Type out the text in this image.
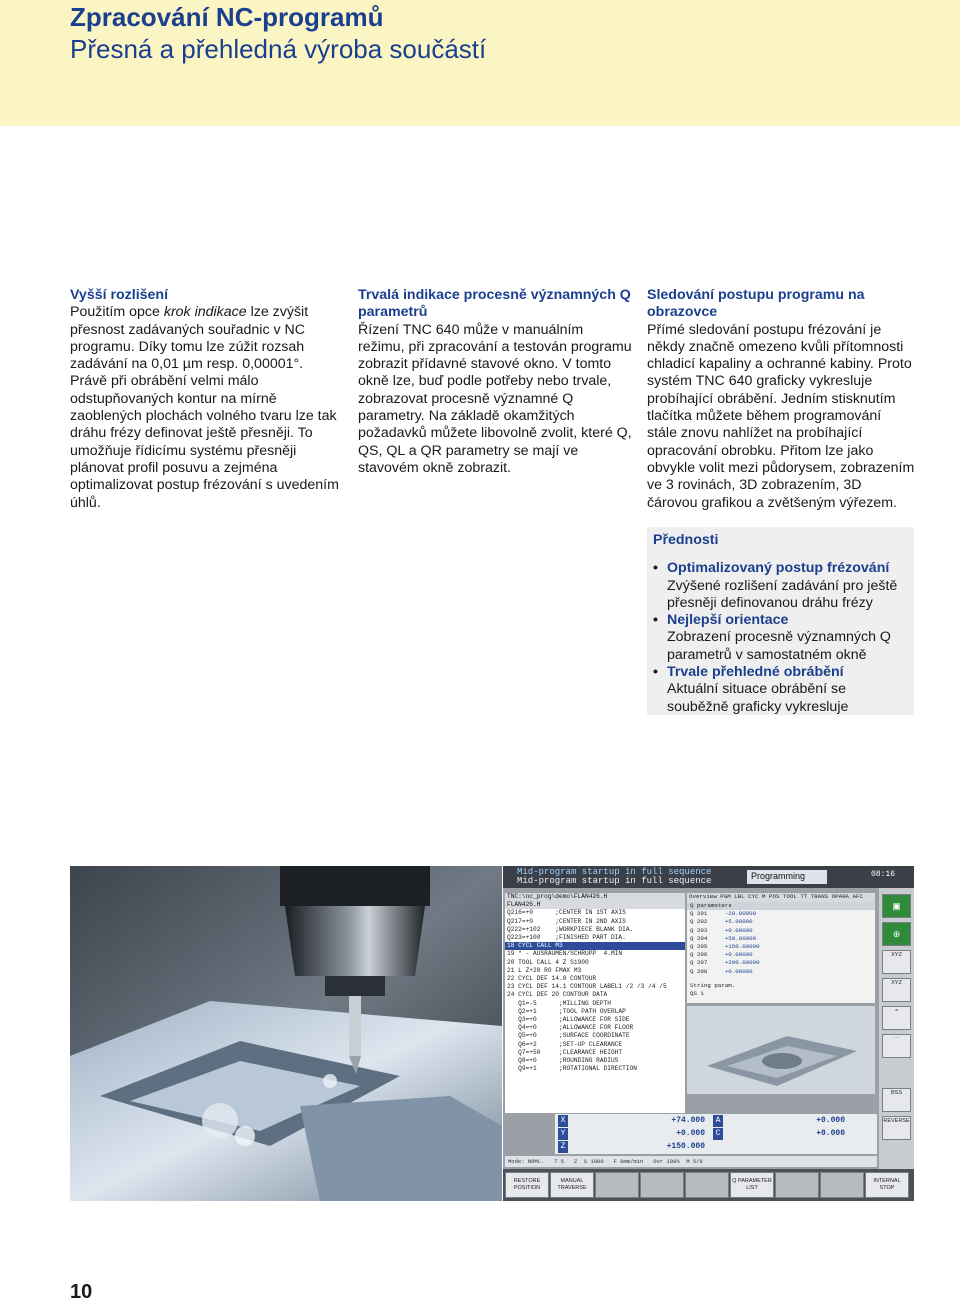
Zpracování NC-programů
Přesná a přehledná výroba součástí
Vyšší rozlišení

Použitím opce krok indikace lze zvýšit přesnost zadávaných souřadnic v NC programu. Díky tomu lze zúžit rozsah zadávání na 0,01 µm resp. 0,00001°. Právě při obrábění velmi málo odstupňovaných kontur na mírně zaoblených plochách volného tvaru lze tak dráhu frézy definovat ještě přesněji. To umožňuje řídicímu systému přesněji plánovat profil posuvu a zejména optimalizovat postup frézování s uvedením úhlů.

Trvalá indikace procesně významných Q parametrů

Řízení TNC 640 může v manuálním režimu, při zpracování a testován programu zobrazit přídavné stavové okno. V tomto okně lze, buď podle potřeby nebo trvale, zobrazovat procesně významné Q parametry. Na základě okamžitých požadavků můžete libovolně zvolit, které Q, QS, QL a QR parametry se mají ve stavovém okně zobrazit.

Sledování postupu programu na obrazovce

Přímé sledování postupu frézování je někdy značně omezeno kvůli přítomnosti chladicí kapaliny a ochranné kabiny. Proto systém TNC 640 graficky vykresluje probíhající obrábění. Jedním stisknutím tlačítka můžete během programování stále znovu nahlížet na probíhající opracování obrobku. Přitom lze jako obvykle volit mezi půdorysem, zobrazením ve 3 rovinách, 3D zobrazením, 3D čárovou grafikou a zvětšeným výřezem.

Přednosti
• Optimalizovaný postup frézování
Zvýšené rozlišení zadávání pro ještě přesněji definovanou dráhu frézy
• Nejlepší orientace
Zobrazení procesně významných Q parametrů v samostatném okně
• Trvale přehledné obrábění
Aktuální situace obrábění se souběžně graficky vykresluje
Mid-program startup in full sequence
Mid-program startup in full sequence	Programming	08:16
TNC:\nc_prog\demo\FLAN426.H
FLAN426.H
Q216=+0      ;CENTER IN 1ST AXIS
Q217=+0      ;CENTER IN 2ND AXIS
Q222=+102    ;WORKPIECE BLANK DIA.
Q223=+100    ;FINISHED PART DIA.
18 CYCL CALL M3
19 * - AUSRAUMEN/SCHRUPP  4.MIN
20 TOOL CALL 4 Z S1900
21 L Z+20 R0 FMAX M3
22 CYCL DEF 14.0 CONTOUR
23 CYCL DEF 14.1 CONTOUR LABEL1 /2 /3 /4 /5
24 CYCL DEF 20 CONTOUR DATA
Q1=-5      ;MILLING DEPTH
Q2=+1      ;TOOL PATH OVERLAP
Q3=+0      ;ALLOWANCE FOR SIDE
Q4=+0      ;ALLOWANCE FOR FLOOR
Q5=+0      ;SURFACE COORDINATE
Q6=+2      ;SET-UP CLEARANCE
Q7=+50     ;CLEARANCE HEIGHT
Q8=+0      ;ROUNDING RADIUS
Q9=+1      ;ROTATIONAL DIRECTION
Overview PGM LBL CYC M POS TOOL TT TRANS OPARA AFC
Q parameters
Q 201	-20.00000
Q 202	+5.00000
Q 203	+0.00000
Q 204	+50.00000
Q 205	+150.00000
Q 206	+0.00000
Q 207	+200.00000
Q 208	+0.00000
String param.
QS 1
X	+74.000
Y	+0.000
Z	+150.000
A	+0.000
C	+0.000
Mode: NOML.   T 5   Z  S 1900   F 0mm/min   Ovr 100%  M 5/9
▣
⊕
XYZ
XYZ
≈
⋯
BSS
REVERSE
RESTORE POSITION
MANUAL TRAVERSE
Q PARAMETER LIST
INTERNAL STOP
10
